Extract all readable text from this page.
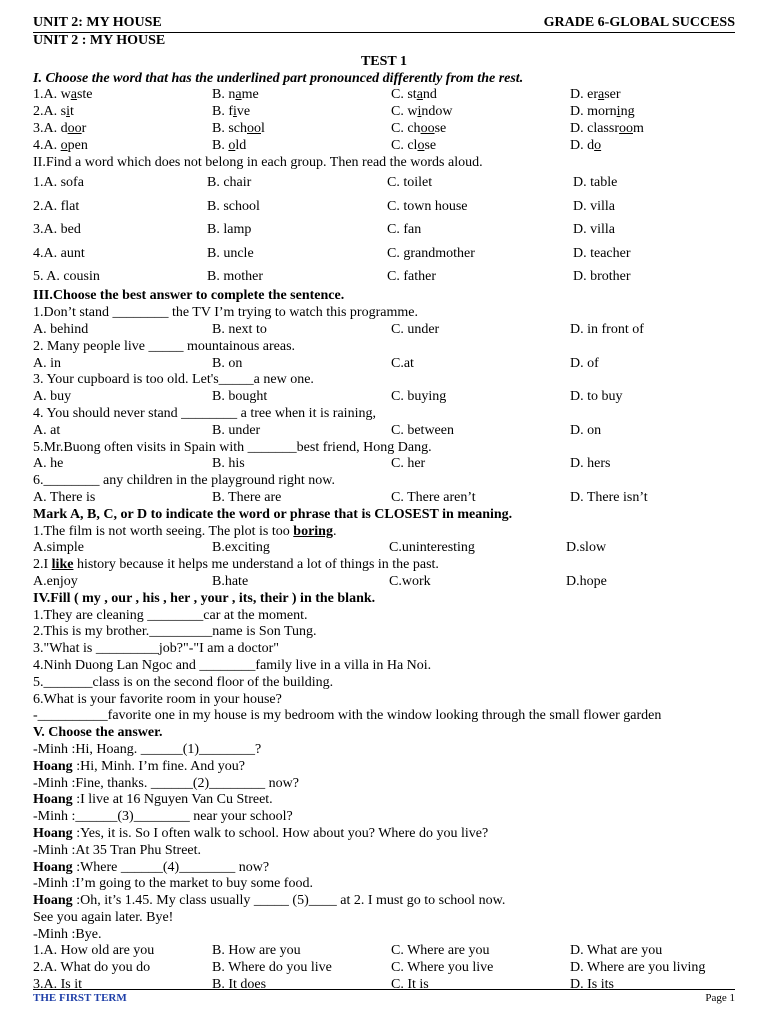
UNIT 2: MY HOUSE	GRADE 6-GLOBAL SUCCESS
UNIT 2 : MY HOUSE
TEST 1
I. Choose the word that has the underlined part pronounced differently from the rest.
1.A. waste	B. name	C. stand	D. eraser
2.A. sit	B. five	C. window	D. morning
3.A. door	B. school	C. choose	D. classroom
4.A. open	B. old	C. close	D. do
II.Find a word which does not belong in each group. Then read the words aloud.
1.A. sofa	B. chair	C. toilet	D. table
2.A. flat	B. school	C. town house	D. villa
3.A. bed	B. lamp	C. fan	D. villa
4.A. aunt	B. uncle	C. grandmother	D. teacher
5. A. cousin	B. mother	C. father	D. brother
III.Choose the best answer to complete the sentence.
1.Don’t stand ________ the TV I’m trying to watch this programme.
A. behind	B. next to	C. under	D. in front of
2. Many people live _____ mountainous areas.
A. in	B. on	C.at	D. of
3. Your cupboard is too old. Let's_____a new one.
A. buy	B. bought	C. buying	D. to buy
4. You should never stand ________ a tree when it is raining,
A. at	B. under	C. between	D. on
5.Mr.Buong often visits in Spain with _______best friend, Hong Dang.
A. he	B. his	C. her	D. hers
6.________ any children in the playground right now.
A. There is	B. There are	C. There aren’t	D. There isn’t
Mark A, B, C, or D to indicate the word or phrase that is CLOSEST in meaning.
1.The film is not worth seeing. The plot is too boring.
A.simple	B.exciting	C.uninteresting	D.slow
2.I like history because it helps me understand a lot of things in the past.
A.enjoy	B.hate	C.work	D.hope
IV.Fill ( my , our , his , her , your , its, their ) in the blank.
1.They are cleaning ________car at the moment.
2.This is my brother._________name is Son Tung.
3."What is _________job?"-"I am a doctor"
4.Ninh Duong Lan Ngoc and ________family live in a villa in Ha Noi.
5._______class is on the second floor of the building.
6.What is your favorite room in your house?
-__________favorite one in my house is my bedroom with the window looking through the small flower garden
V. Choose the answer.
-Minh :Hi, Hoang. ______(1)________?
Hoang :Hi, Minh. I’m fine. And you?
-Minh :Fine, thanks. ______(2)________ now?
Hoang :I live at 16 Nguyen Van Cu Street.
-Minh :______(3)________ near your school?
Hoang :Yes, it is. So I often walk to school. How about you? Where do you live?
-Minh :At 35 Tran Phu Street.
Hoang :Where ______(4)________ now?
-Minh :I’m going to the market to buy some food.
Hoang :Oh, it’s 1.45. My class usually _____ (5)____ at 2. I must go to school now.
See you again later. Bye!
-Minh :Bye.
1.A. How old are you	B. How are you	C. Where are you	D. What are you
2.A. What do you do	B. Where do you live	C. Where you live	D. Where are you living
3.A. Is it	B. It does	C. It is	D. Is its
THE FIRST TERM	Page 1
